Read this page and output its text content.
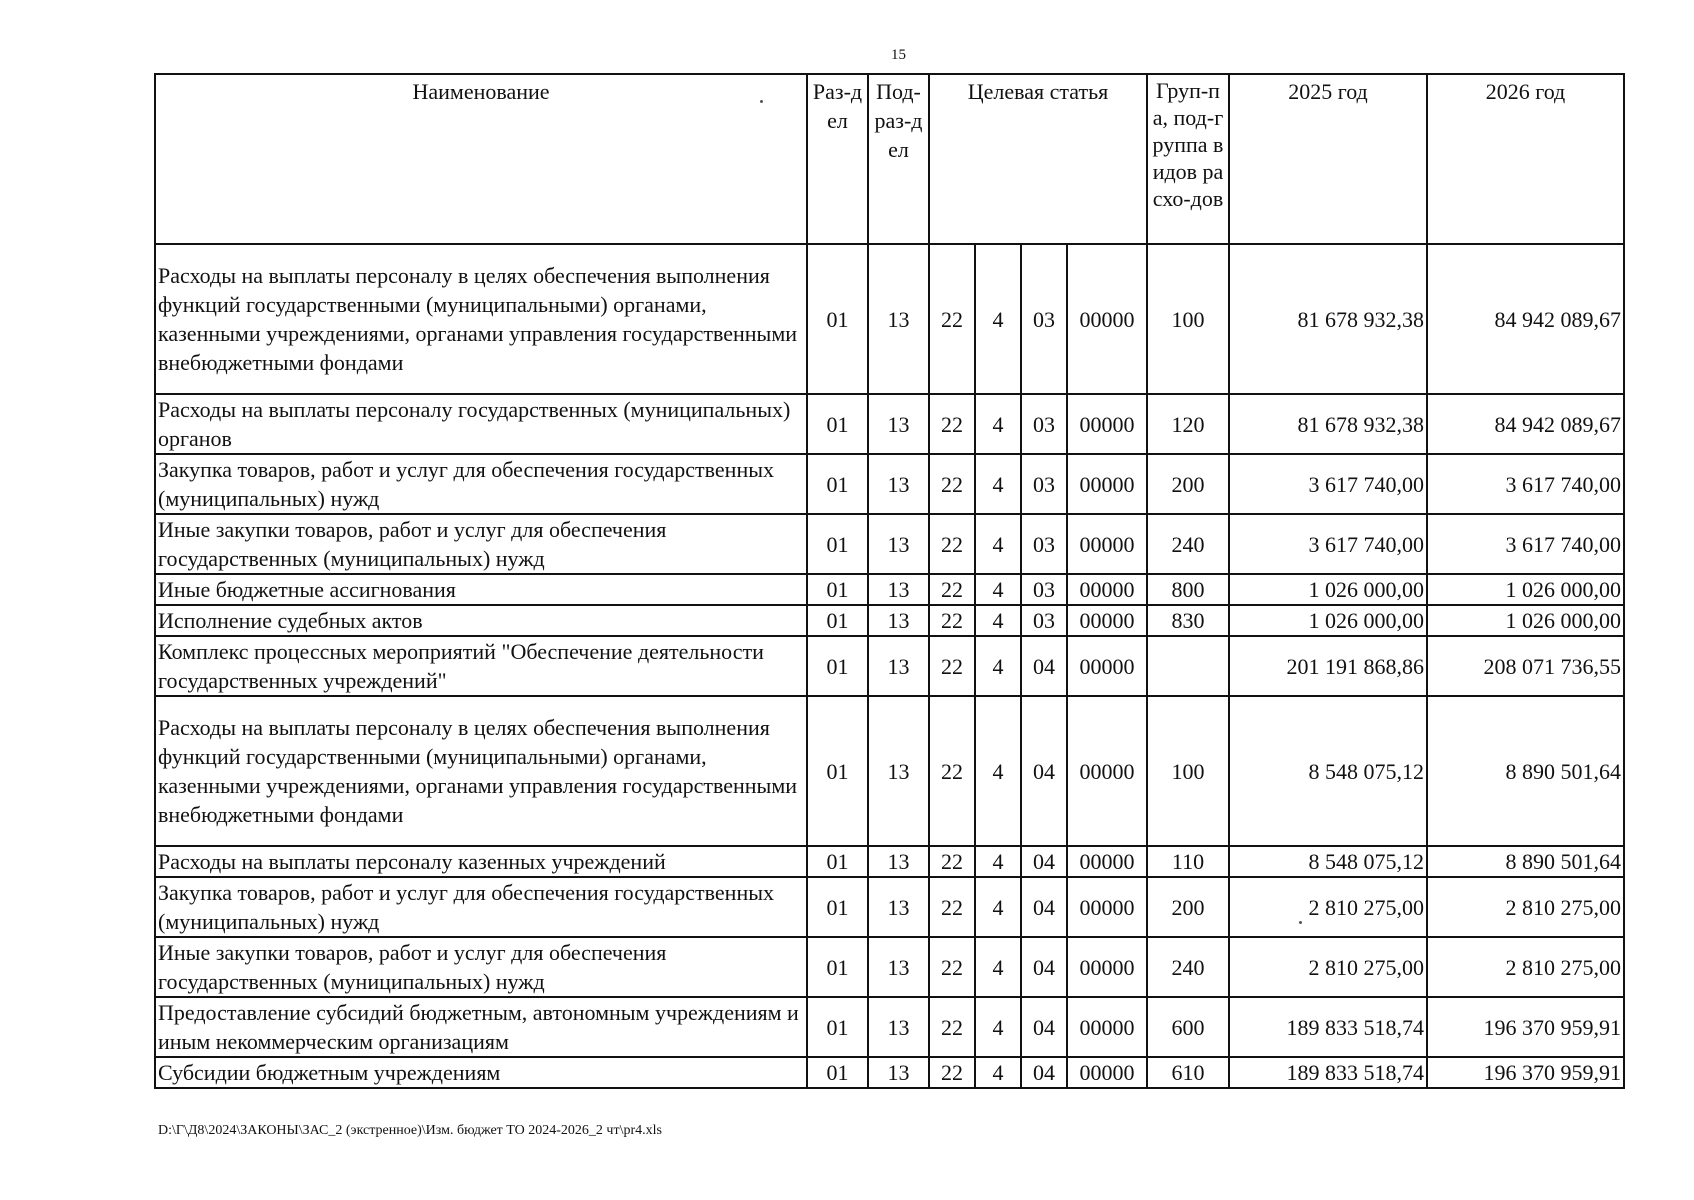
15
Наименование	Раз-дел	Под-раз-дел	Целевая статья				Груп-па, под-группа видов расхо-дов	2025 год	2026 год
Расходы на выплаты персоналу в целях обеспечения выполнения функций государственными (муниципальными) органами, казенными учреждениями, органами управления государственными внебюджетными фондами	01	13	22	4	03	00000	100	81 678 932,38	84 942 089,67
Расходы на выплаты персоналу государственных (муниципальных) органов	01	13	22	4	03	00000	120	81 678 932,38	84 942 089,67
Закупка товаров, работ и услуг для обеспечения государственных (муниципальных) нужд	01	13	22	4	03	00000	200	3 617 740,00	3 617 740,00
Иные закупки товаров, работ и услуг для обеспечения государственных (муниципальных) нужд	01	13	22	4	03	00000	240	3 617 740,00	3 617 740,00
Иные бюджетные ассигнования	01	13	22	4	03	00000	800	1 026 000,00	1 026 000,00
Исполнение судебных актов	01	13	22	4	03	00000	830	1 026 000,00	1 026 000,00
Комплекс процессных мероприятий "Обеспечение деятельности государственных учреждений"	01	13	22	4	04	00000		201 191 868,86	208 071 736,55
Расходы на выплаты персоналу в целях обеспечения выполнения функций государственными (муниципальными) органами, казенными учреждениями, органами управления государственными внебюджетными фондами	01	13	22	4	04	00000	100	8 548 075,12	8 890 501,64
Расходы на выплаты персоналу казенных учреждений	01	13	22	4	04	00000	110	8 548 075,12	8 890 501,64
Закупка товаров, работ и услуг для обеспечения государственных (муниципальных) нужд	01	13	22	4	04	00000	200	2 810 275,00	2 810 275,00
Иные закупки товаров, работ и услуг для обеспечения государственных (муниципальных) нужд	01	13	22	4	04	00000	240	2 810 275,00	2 810 275,00
Предоставление субсидий бюджетным, автономным учреждениям и иным некоммерческим организациям	01	13	22	4	04	00000	600	189 833 518,74	196 370 959,91
Субсидии бюджетным учреждениям	01	13	22	4	04	00000	610	189 833 518,74	196 370 959,91
D:\Г\Д8\2024\ЗАКОНЫ\ЗАС_2 (экстренное)\Изм. бюджет ТО 2024-2026_2 чт\pr4.xls
